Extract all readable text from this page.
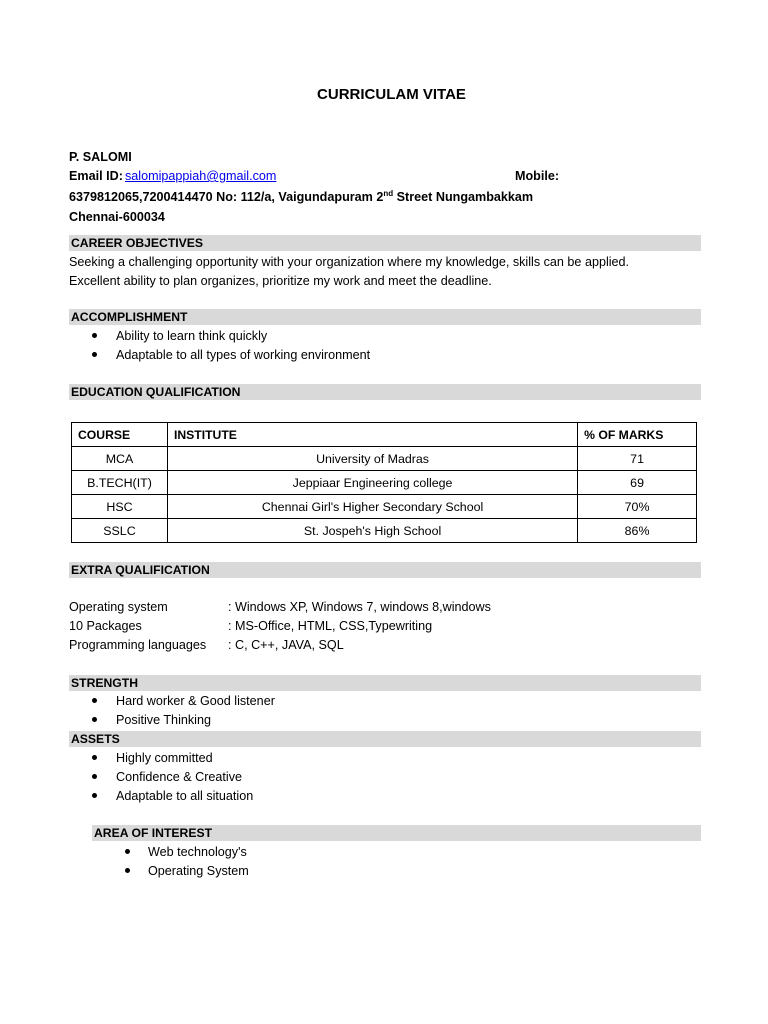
CURRICULAM VITAE
P. SALOMI
Email ID: salomipappiah@gmail.com	Mobile:
6379812065,7200414470 No: 112/a, Vaigundapuram 2nd Street Nungambakkam
Chennai-600034
CAREER OBJECTIVES
Seeking a challenging opportunity with your organization where my knowledge, skills can be applied.
Excellent ability to plan organizes, prioritize my work and meet the deadline.
ACCOMPLISHMENT
Ability to learn think quickly
Adaptable to all types of working environment
EDUCATION QUALIFICATION
COURSE	INSTITUTE	% OF MARKS
MCA	University of Madras	71
B.TECH(IT)	Jeppiaar Engineering college	69
HSC	Chennai Girl's Higher Secondary School	70%
SSLC	St. Jospeh's High School	86%
EXTRA QUALIFICATION
Operating system	: Windows XP, Windows 7, windows 8,windows
10 Packages	: MS-Office, HTML, CSS,Typewriting
Programming languages : C, C++, JAVA, SQL
STRENGTH
Hard worker & Good listener
Positive Thinking
ASSETS
Highly committed
Confidence & Creative
Adaptable to all situation
AREA OF INTEREST
Web technology's
Operating System
